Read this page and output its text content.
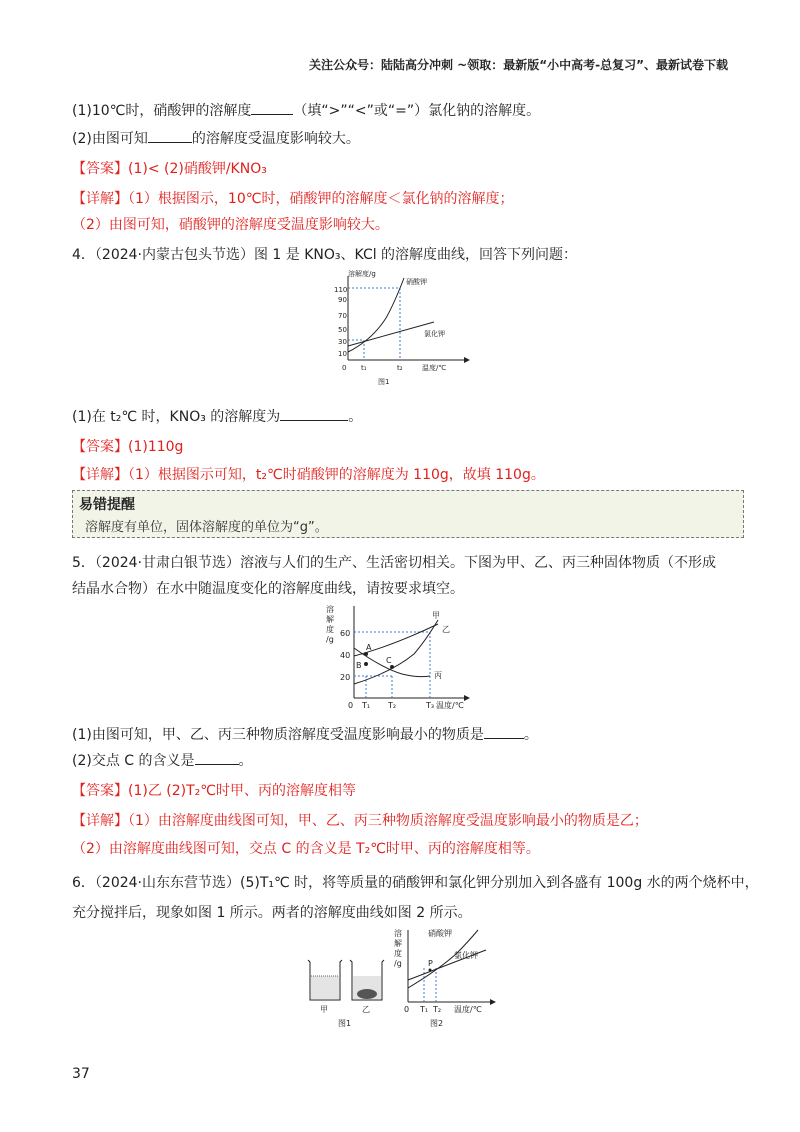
关注公众号：陆陆高分冲刺 ~领取：最新版“小中高考-总复习”、最新试卷下载
(1)10℃时，硝酸钾的溶解度	（填“>”“<”或“=”）氯化钠的溶解度。
(2)由图可知	的溶解度受温度影响较大。
【答案】(1)< (2)硝酸钾/KNO₃
【详解】（1）根据图示，10℃时，硝酸钾的溶解度＜氯化钠的溶解度；
（2）由图可知，硝酸钾的溶解度受温度影响较大。
4．（2024·内蒙古包头节选）图 1 是 KNO₃、KCl 的溶解度曲线，回答下列问题：
110
90
70
50
30
10
0 t₁	t₂	温度/℃
溶解度/g
硝酸钾
氯化钾
图1
(1)在 t₂℃ 时，KNO₃ 的溶解度为	。
【答案】(1)110g
【详解】（1）根据图示可知，t₂℃时硝酸钾的溶解度为 110g，故填 110g。
易错提醒
溶解度有单位，固体溶解度的单位为“g”。
5．（2024·甘肃白银节选）溶液与人们的生产、生活密切相关。下图为甲、乙、丙三种固体物质（不形成
结晶水合物）在水中随温度变化的溶解度曲线，请按要求填空。
溶
解
度
/g
60
40
20
0 T₁ T₂	T₃ 温度/℃
甲
乙
丙
A
B
C
(1)由图可知，甲、乙、丙三种物质溶解度受温度影响最小的物质是	。
(2)交点 C 的含义是	。
【答案】(1)乙 (2)T₂℃时甲、丙的溶解度相等
【详解】（1）由溶解度曲线图可知，甲、乙、丙三种物质溶解度受温度影响最小的物质是乙；
（2）由溶解度曲线图可知，交点 C 的含义是 T₂℃时甲、丙的溶解度相等。
6．（2024·山东东营节选）(5)T₁℃ 时，将等质量的硝酸钾和氯化钾分别加入到各盛有 100g 水的两个烧杯中，
充分搅拌后，现象如图 1 所示。两者的溶解度曲线如图 2 所示。
甲	乙
图1
溶
解
度
/g
硝酸钾
氯化钾
P
0 T₁ T₂ 温度/℃
图2
37
